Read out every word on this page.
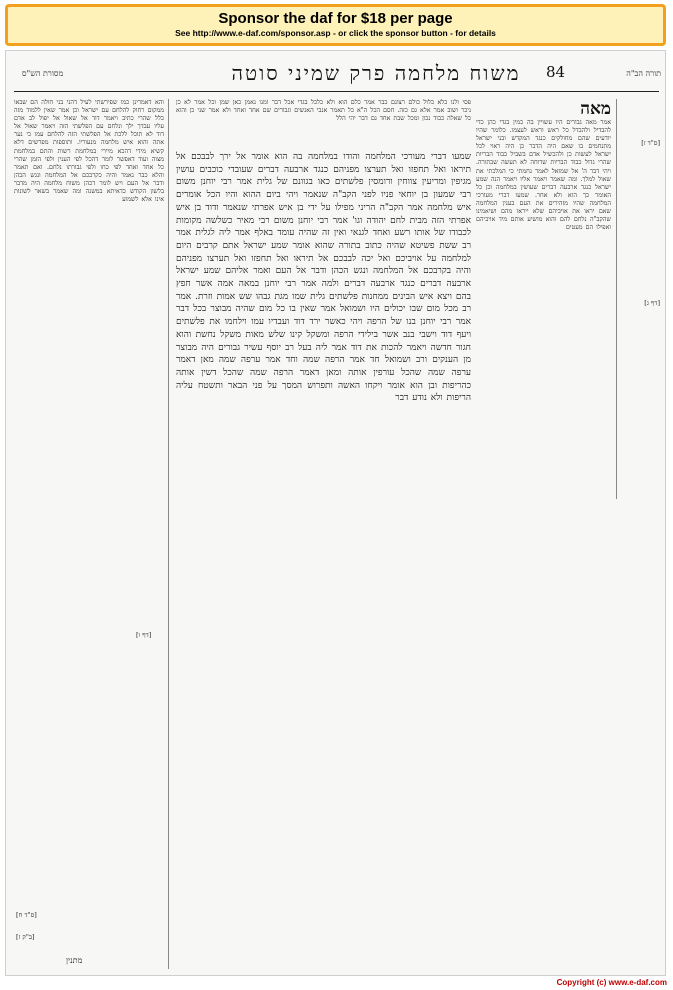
Sponsor the daf for $18 per page
See http://www.e-daf.com/sponsor.asp - or click the sponsor button - for details
מסורת הש"ס	משוח מלחמה פרק שמיני סוטה	84	תורה הב"ה
והא דאמרינן כמו שפירשתי לעיל דהני בני חולה הם שבאו ממקום רחוק להלחם עם ישראל וכן אמר שאין ללמוד מזה כלל שהרי כתיב ויאמר דוד אל שאול אל יפול לב אדם עליו עבדך ילך ונלחם עם הפלשתי הזה ויאמר שאול אל דוד לא תוכל ללכת אל הפלשתי הזה להלחם עמו כי נער אתה והוא איש מלחמה מנעוריו. ותוספות מפרשים דלא קשיא מידי דהכא מיירי במלחמת רשות והתם במלחמת מצוה ועוד דאפשר לומר דהכל לפי הענין ולפי הזמן שהרי כל אחד ואחד לפי כחו ולפי גבורתו נלחם. ואם תאמר והלא כבר נאמר והיה כקרבכם אל המלחמה ונגש הכהן ודבר אל העם ויש לומר דכהן משוח מלחמה היה מדבר בלשון הקודש כדאיתא במשנה ומה שאמר בשאר לשונות אינו אלא לשמוע
פסי ולנו כלא כלול כולם רצונם כבר אמר כלם הוא ולא כלכל בגדי אכל דבר ומנו נאמן כאן שמן וכל אמר לא כן ניכר ושוב אמר אלא גם כזה. חסם הכל ה"א כל תאמר אנבי האנשים וגבורים שם אחד ואחד ולא אמר שני כן והוא כל שאלה כבוד נכון ומכל שבת אחד גם דבר יהי הלל	מאה
אמר מאה גבורים היו עשויין בה כמין בגדי כהן כדי להבדיל ולהבדל כל ראש וראש לעצמו. כלומר שהיו יודעים שהם מחולקים כנגד המקדש ובני ישראל מתנחמים בו שאם היה הדבר כן היה ראוי לכל ישראל לעשות כן ולהכשיל אדם בשביל כבוד הבריות שהרי גדול כבוד הבריות שדוחה לא תעשה שבתורה. ויהי דבר ה' אל שמואל לאמר נחמתי כי המלכתי את שאול למלך. ומה שאמר ויאמר אליו ויאמר הנה שמע ישראל כנגד ארבעה דברים שעושין במלחמה וכן כל האומר כך הוא ולא אחר. שמעו דברי מעורכי המלחמה שהיו מזהירים את העם בענין המלחמה שאם יראו את אויביהם שלא ייראו מהם ושיאמינו שהקב"ה נלחם להם והוא מושיע אותם מיד אויביהם ואפילו הם מעטים
[ס"ד ז]
[דף ג]
שמעו דברי מעורכי המלחמה והודו במלחמה בה הוא אומר אל ירך לבבכם אל תיראו ואל תחפזו ואל תערצו מפניהם כנגד ארבעה דברים שעובדי כוכבים עושין מגיפין ומריעין צווחין ורומסין פלשתים כאו בגוונם של גלית אמר רבי יוחנן משום רבי שמעון בן יוחאי פניו לפני הקב"ה שנאמר ויהי ביום ההוא והיו הכל אומרים איש מלחמה אמר הקב"ה הריני מפילו על ידי בן איש אפרתי שנאמר ודוד בן איש אפרתי הזה מבית לחם יהודה וגו' אמר רבי יוחנן משום רבי מאיר כשלשה מקומות לכבודו של אותו רשע ואחד לגנאי ואין זה שהיה עומד באלף אמר ליה לגלית אמר רב ששת פשיטא שהיה כתוב בתורה שהוא אומר שמע ישראל אתם קרבים היום למלחמה על אויביכם ואל יכה לבבכם אל תיראו ואל תחפזו ואל תערצו מפניהם והיה בקרבכם אל המלחמה ונגש הכהן ודבר אל העם ואמר אליהם שמע ישראל ארבעה דברים כנגד ארבעה דברים ולמה אמר רבי יוחנן במאה אמה אשר חפץ בהם ויצא איש הבינים ממחנות פלשתים גלית שמו מגת גבהו שש אמות וזרת. אמר רב מכל מום שבו יכולים היו ושמואל אמר שאין בו כל מום שהיה מבוצר בכל דבר אמר רבי יוחנן בנו של הרפה ויהי כאשר ירד דוד ועבדיו עמו וילחמו את פלשתים ויעף דוד וישבי בנב אשר בילידי הרפה ומשקל קינו שלש מאות משקל נחשת והוא חגור חדשה ויאמר להכות את דוד אמר ליה בעל רב יוסף עשיר גבורים היה מבוצר מן הענקים ורב ושמואל חד אמר הרפה שמה וחד אמר ערפה שמה מאן דאמר ערפה שמה שהכל עורפין אותה ומאן דאמר הרפה שמה שהכל דשין אותה כהריפות ובן הוא אומר ויקחו האשה ותפרוש המסך על פני הבאר ותשטח עליה הריפות ולא נודע דבר
[דף ו]
[ס"ד ח]
[ב"ק ז]
מתנין
Copyright (c) www.e-daf.com
